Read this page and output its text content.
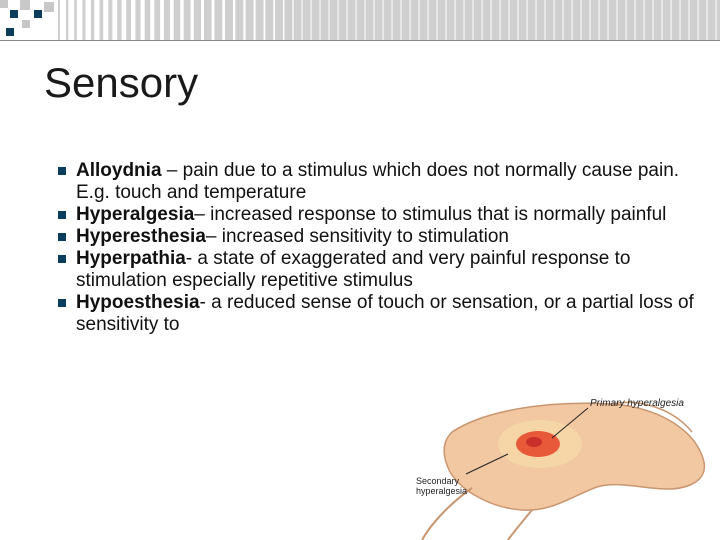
Sensory
Alloydnia – pain due to a stimulus which does not normally cause pain. E.g. touch and temperature
Hyperalgesia– increased response to stimulus that is normally painful
Hyperesthesia– increased sensitivity to stimulation
Hyperpathia- a state of exaggerated and very painful response to stimulation especially repetitive stimulus
Hypoesthesia- a reduced sense of touch or sensation, or a partial loss of sensitivity to
Primary hyperalgesia
Secondary hyperalgesia
